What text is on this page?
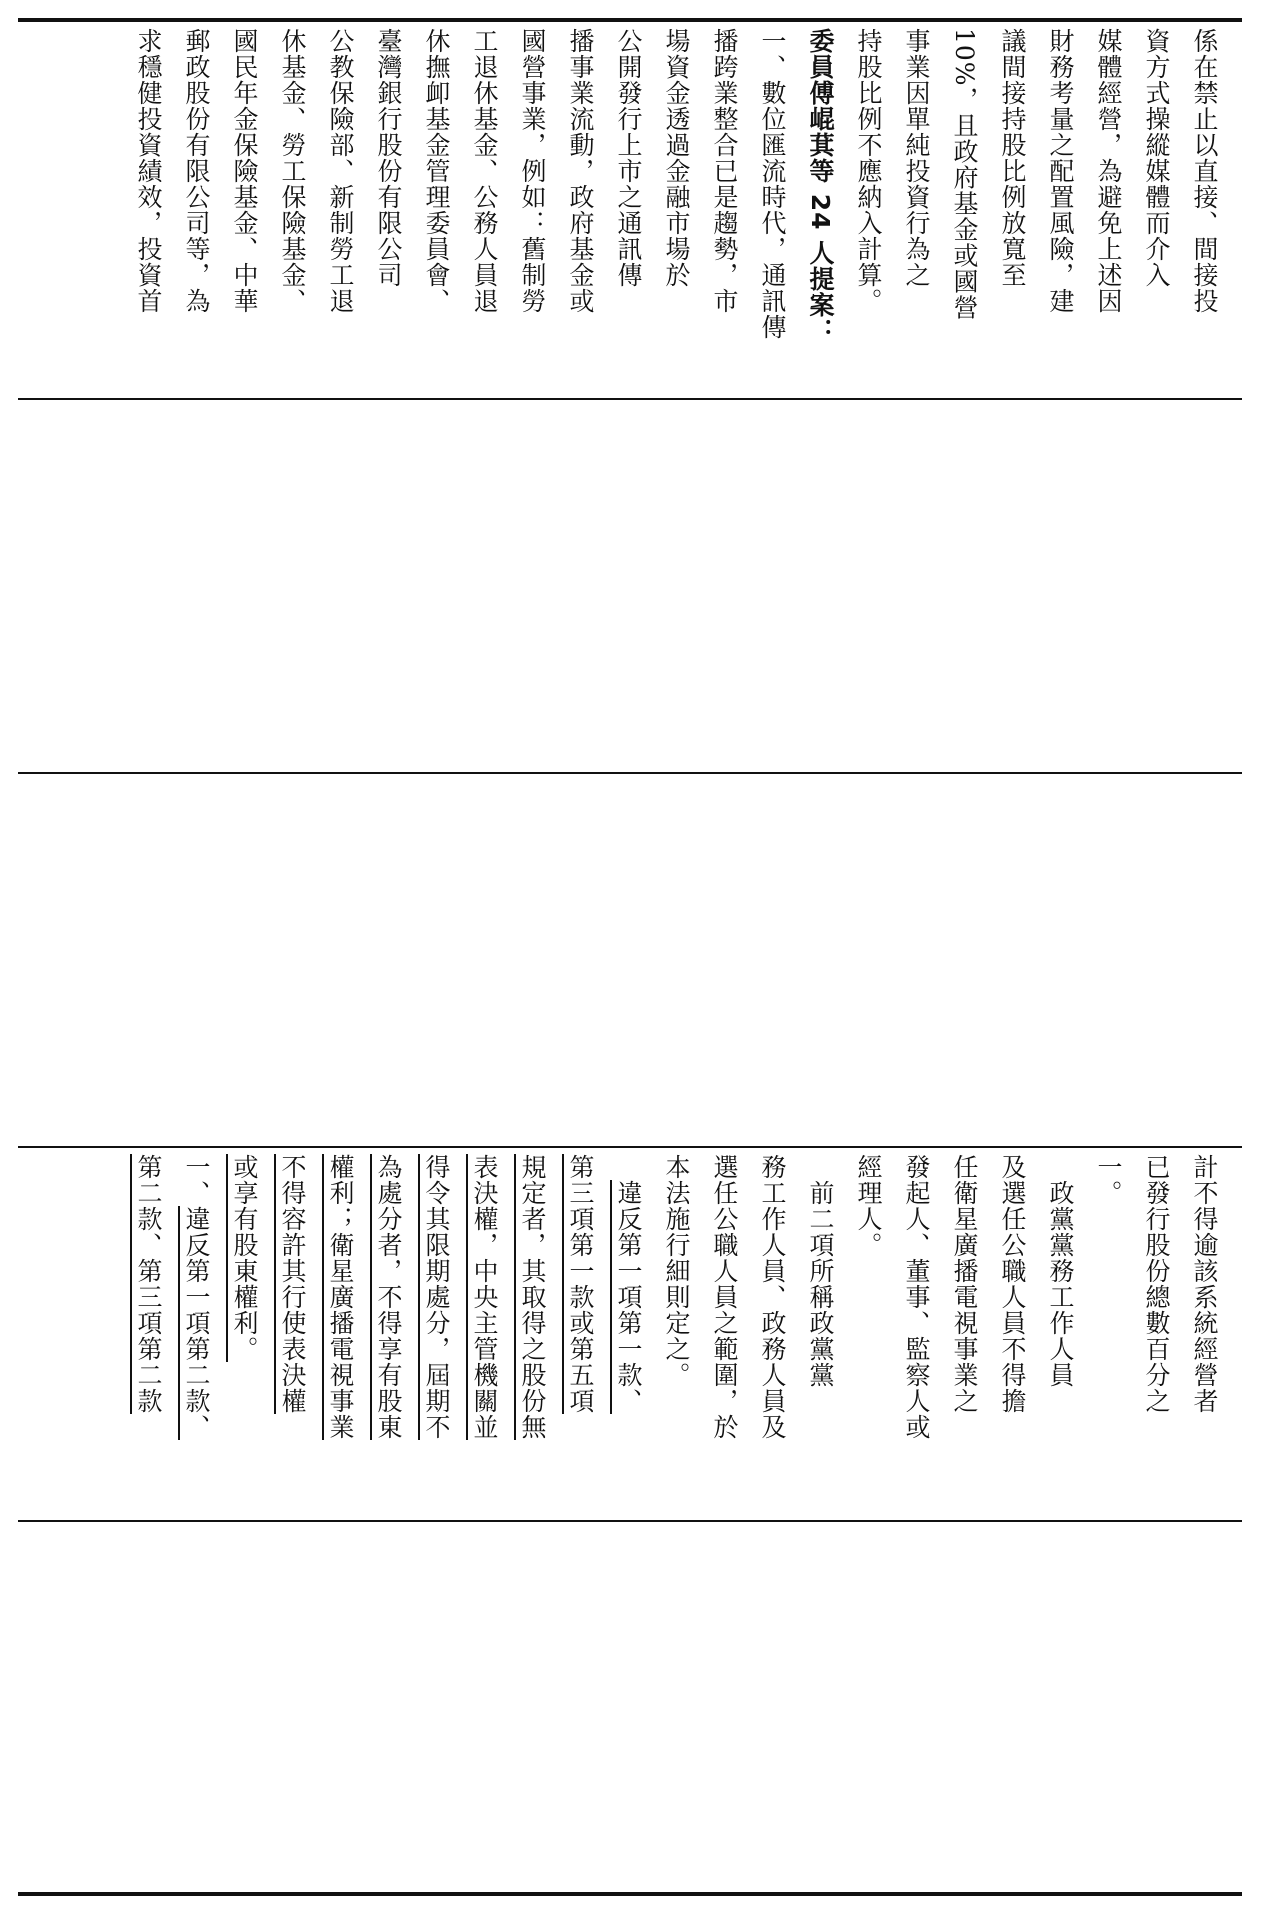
係在禁止以直接、間接投
資方式操縱媒體而介入
媒體經營，為避免上述因
財務考量之配置風險，建
議間接持股比例放寬至
10%，且政府基金或國營
事業因單純投資行為之
持股比例不應納入計算。
委員傅崐萁等 24 人提案：
一、數位匯流時代，通訊傳
播跨業整合已是趨勢，市
場資金透過金融市場於
公開發行上市之通訊傳
播事業流動，政府基金或
國營事業，例如：舊制勞
工退休基金、公務人員退
休撫卹基金管理委員會、
臺灣銀行股份有限公司
公教保險部、新制勞工退
休基金、勞工保險基金、
國民年金保險基金、中華
郵政股份有限公司等，為
求穩健投資績效，投資首
計不得逾該系統經營者
已發行股份總數百分之
一。
　政黨黨務工作人員
及選任公職人員不得擔
任衛星廣播電視事業之
發起人、董事、監察人或
經理人。
　前二項所稱政黨黨
務工作人員、政務人員及
選任公職人員之範圍，於
本法施行細則定之。
　違反第一項第一款、
第三項第一款或第五項
規定者，其取得之股份無
表決權，中央主管機關並
得令其限期處分，屆期不
為處分者，不得享有股東
權利；衛星廣播電視事業
不得容許其行使表決權
或享有股東權利。
一、違反第一項第二款、
第二款、第三項第二款
